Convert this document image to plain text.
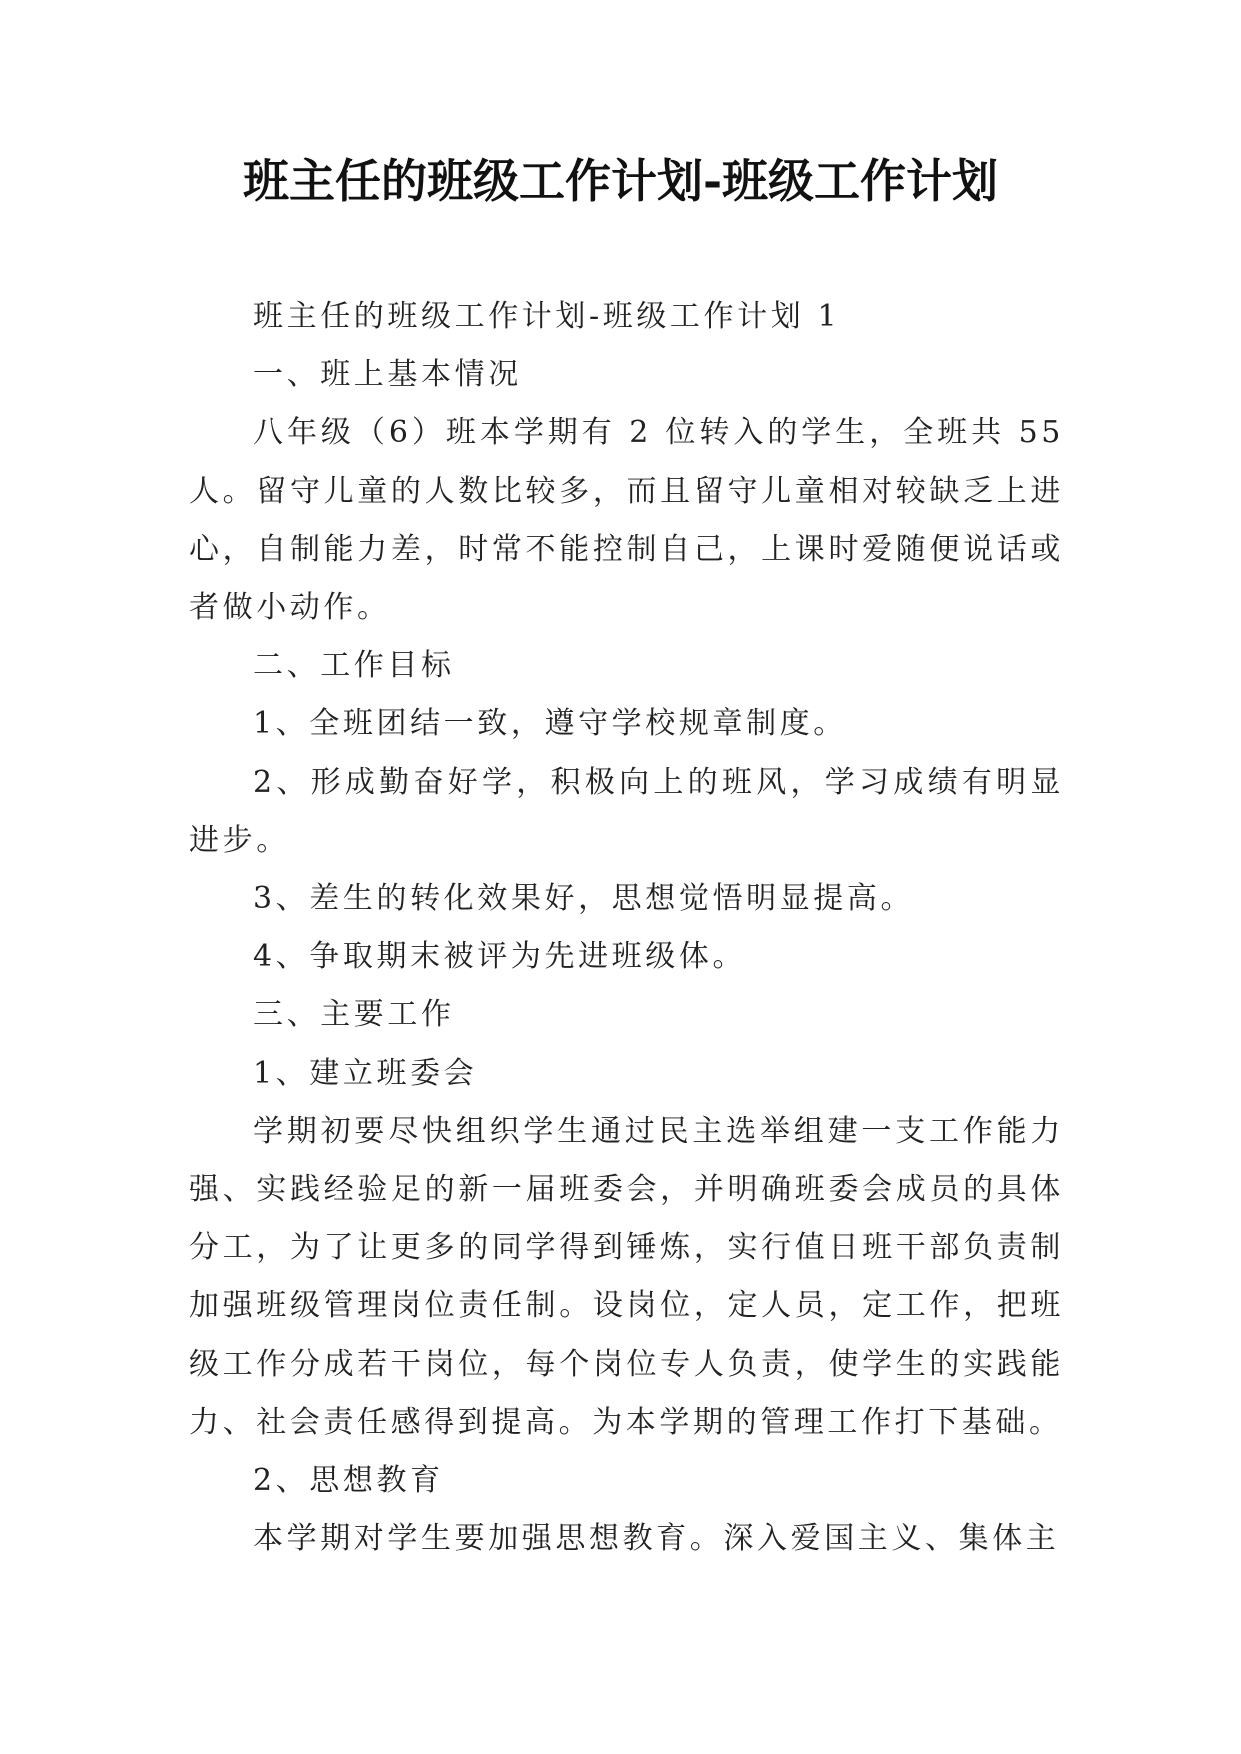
班主任的班级工作计划-班级工作计划

班主任的班级工作计划-班级工作计划 1

一、班上基本情况

八年级（6）班本学期有 2 位转入的学生，全班共 55 人。留守儿童的人数比较多，而且留守儿童相对较缺乏上进心，自制能力差，时常不能控制自己，上课时爱随便说话或者做小动作。

二、工作目标

1、全班团结一致，遵守学校规章制度。

2、形成勤奋好学，积极向上的班风，学习成绩有明显进步。

3、差生的转化效果好，思想觉悟明显提高。

4、争取期末被评为先进班级体。

三、主要工作

1、建立班委会

学期初要尽快组织学生通过民主选举组建一支工作能力强、实践经验足的新一届班委会，并明确班委会成员的具体分工，为了让更多的同学得到锤炼，实行值日班干部负责制加强班级管理岗位责任制。设岗位，定人员，定工作，把班级工作分成若干岗位，每个岗位专人负责，使学生的实践能力、社会责任感得到提高。为本学期的管理工作打下基础。

2、思想教育

本学期对学生要加强思想教育。深入爱国主义、集体主
